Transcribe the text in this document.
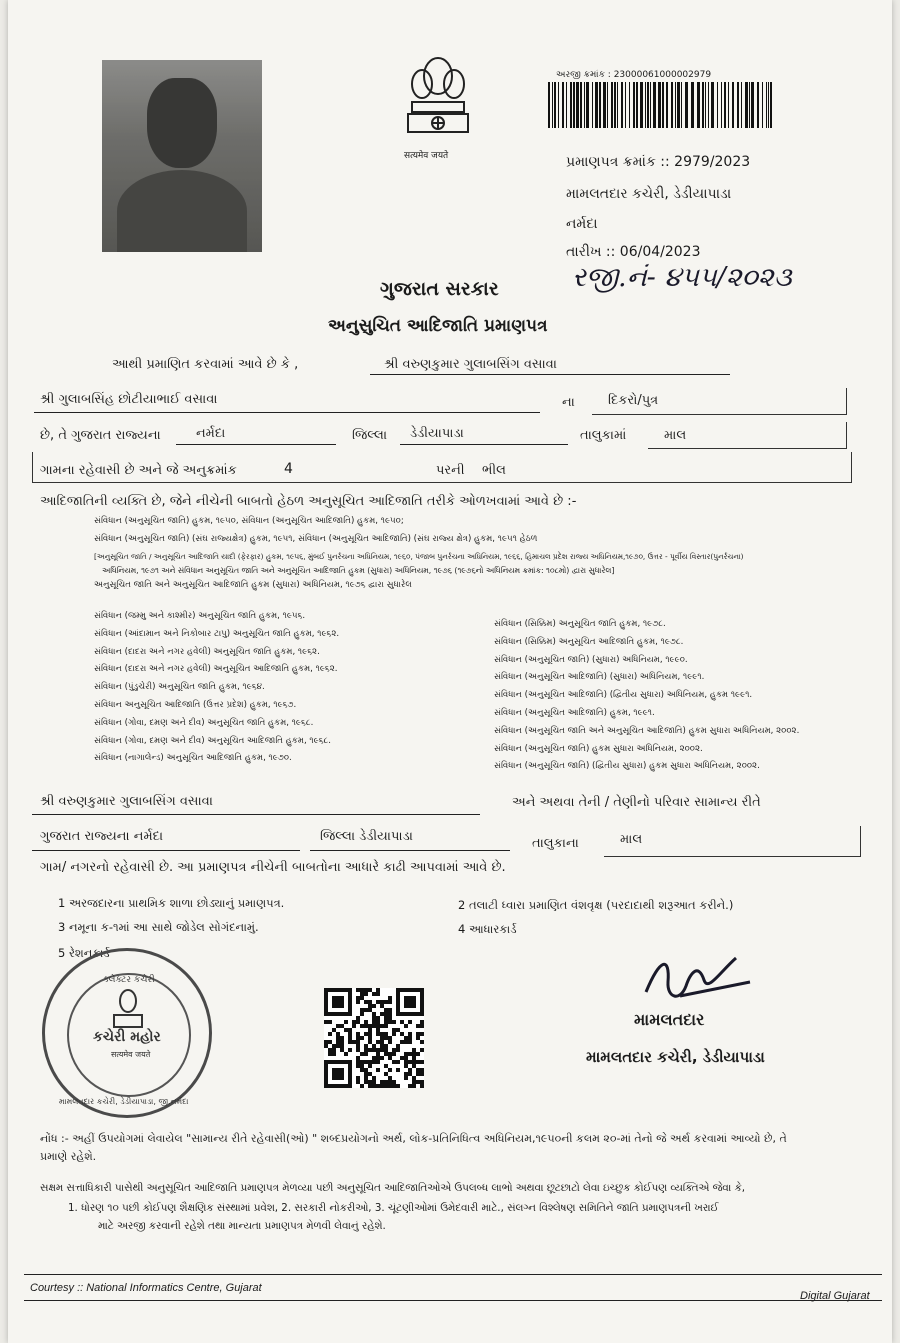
सत्यमेव जयते
અરજી ક્રમાંક : 23000061000002979
પ્રમાણપત્ર ક્રમાંક :: 2979/2023
મામલતદાર કચેરી, ડેડીયાપાડા
નર્મદા
તારીખ :: 06/04/2023
રજી.નં- ૪૫૫/૨૦૨૩
ગુજરાત સરકાર
અનુસુચિત આદિજાતિ પ્રમાણપત્ર
આથી પ્રમાણિત કરવામાં આવે છે કે ,	શ્રી વરુણકુમાર ગુલાબસિંગ વસાવા
શ્રી ગુલાબસિંહ છોટીયાભાઈ વસાવા	ના	દિકરો/પુત્ર
છે, તે ગુજરાત રાજ્યના	નર્મદા	જિલ્લા ડેડીયાપાડા	તાલુકામાં	માલ
ગામના રહેવાસી છે અને જે અનુક્રમાંક	4	પરની ભીલ
આદિજાતિની વ્યક્તિ છે, જેને નીચેની બાબતો હેઠળ અનુસૂચિત આદિજાતિ તરીકે ઓળખવામાં આવે છે :-
સંવિધાન (અનુસૂચિત જાતિ) હુકમ, ૧૯૫૦, સંવિધાન (અનુસૂચિત આદિજાતિ) હુકમ, ૧૯૫૦;
સંવિધાન (અનુસૂચિત જાતિ) (સંઘ રાજ્યક્ષેત્ર) હુકમ, ૧૯૫૧, સંવિધાન (અનુસૂચિત આદિજાતિ) (સંઘ રાજ્ય ક્ષેત્ર) હુકમ, ૧૯૫૧ હેઠળ
[અનુસૂચિત જાતિ / અનુસૂચિત આદિજાતિ યાદી (ફેરફાર) હુકમ, ૧૯૫૬, મુંબઈ પુનર્રચના અધિનિયમ, ૧૯૬૦, પંજાબ પુનર્રચના અધિનિયમ, ૧૯૬૬, હિમાચલ પ્રદેશ રાજ્ય અધિનિયમ,૧૯૭૦, ઉત્તર - પૂર્વીય વિસ્તાર(પુનર્રચના)
અધિનિયમ, ૧૯૭૧ અને સંવિધાન અનુસૂચિત જાતિ અને અનુસૂચિત આદિજાતિ હુકમ (સુધારા) અધિનિયમ, ૧૯૭૬ (૧૯૭૬નો અધિનિયમ ક્રમાંક: ૧૦૮મો) દ્વારા સુધારેલ]
અનુસૂચિત જાતિ અને અનુસૂચિત આદિજાતિ હુકમ (સુધારા) અધિનિયમ, ૧૯૭૬ દ્વારા સુધારેલ
સંવિધાન (જમ્મુ અને કાશ્મીર) અનુસૂચિત જાતિ હુકમ, ૧૯૫૬.
સંવિધાન (આંદામાન અને નિકોબાર ટાપુ) અનુસૂચિત જાતિ હુકમ, ૧૯૬૨.
સંવિધાન (દાદરા અને નગર હવેલી) અનુસૂચિત જાતિ હુકમ, ૧૯૬૨.
સંવિધાન (દાદરા અને નગર હવેલી) અનુસૂચિત આદિજાતિ હુકમ, ૧૯૬૨.
સંવિધાન (પુંડુચેરી) અનુસૂચિત જાતિ હુકમ, ૧૯૬૪.
સંવિધાન અનુસૂચિત આદિજાતિ (ઉત્તર પ્રદેશ) હુકમ, ૧૯૬૭.
સંવિધાન (ગોવા, દમણ અને દીવ) અનુસૂચિત જાતિ હુકમ, ૧૯૬૮.
સંવિધાન (ગોવા, દમણ અને દીવ) અનુસૂચિત આદિજાતિ હુકમ, ૧૯૬૮.
સંવિધાન (નાગાલેન્ડ) અનુસૂચિત આદિજાતિ હુકમ, ૧૯૭૦.
સંવિધાન (સિક્કિમ) અનુસૂચિત જાતિ હુકમ, ૧૯૭૮.
સંવિધાન (સિક્કિમ) અનુસૂચિત આદિજાતિ હુકમ, ૧૯૭૮.
સંવિધાન (અનુસૂચિત જાતિ) (સુધારા) અધિનિયમ, ૧૯૯૦.
સંવિધાન (અનુસૂચિત આદિજાતિ) (સુધારા) અધિનિયમ, ૧૯૯૧.
સંવિધાન (અનુસૂચિત આદિજાતિ) (દ્વિતીય સુધારા) અધિનિયમ, હુકમ ૧૯૯૧.
સંવિધાન (અનુસૂચિત આદિજાતિ) હુકમ, ૧૯૯૧.
સંવિધાન (અનુસૂચિત જાતિ અને અનુસૂચિત આદિજાતિ) હુકમ સુધારા અધિનિયમ, ૨૦૦૨.
સંવિધાન (અનુસૂચિત જાતિ) હુકમ સુધારા અધિનિયમ, ૨૦૦૨.
સંવિધાન (અનુસૂચિત જાતિ) (દ્વિતીય સુધારા) હુકમ સુધારા અધિનિયમ, ૨૦૦૨.
શ્રી વરુણકુમાર ગુલાબસિંગ વસાવા	અને અથવા તેની / તેણીનો પરિવાર સામાન્ય રીતે
ગુજરાત રાજ્યના નર્મદા	જિલ્લા ડેડીયાપાડા	તાલુકાના	માલ
ગામ/ નગરનો રહેવાસી છે. આ પ્રમાણપત્ર નીચેની બાબતોના આધારે કાઢી આપવામાં આવે છે.
1 અરજદારના પ્રાથમિક શાળા છોડ્યાનું પ્રમાણપત્ર.	2 તલાટી ધ્વારા પ્રમાણિત વંશવૃક્ષ (પરદાદાથી શરૂઆત કરીને.)
3 નમૂના ક-૧માં આ સાથે જોડેલ સોગંદનામું.	4 આધારકાર્ડ
5 રેશનકાર્ડ
ક્લેક્ટર કચેરી
કચેરી મહોર
सत्यमेव जयते
મામલતદાર કચેરી, ડેડીયાપાડા, જી.નર્મદા
મામલતદાર
મામલતદાર કચેરી, ડેડીયાપાડા
નોંધ :- અહીં ઉપયોગમાં લેવાયેલ "સામાન્ય રીતે રહેવાસી(ઓ) " શબ્દપ્રયોગનો અર્થ, લોક-પ્રતિનિધિત્વ અધિનિયમ,૧૯૫૦ની કલમ ૨૦-માં તેનો જે અર્થ કરવામાં આવ્યો છે, તે
પ્રમાણે રહેશે.
સક્ષમ સત્તાધિકારી પાસેથી અનુસૂચિત આદિજાતિ પ્રમાણપત્ર મેળવ્યા પછી અનુસૂચિત આદિજાતિઓએ ઉપલબ્ધ લાભો અથવા છૂટછાટો લેવા ઇચ્છુક કોઈપણ વ્યક્તિએ જેવા કે,
1. ધોરણ ૧૦ પછી કોઈપણ શૈક્ષણિક સંસ્થામાં પ્રવેશ, 2. સરકારી નોકરીઓ, 3. ચૂંટણીઓમાં ઉમેદવારી માટે., સંલગ્ન વિશ્લેષણ સમિતિને જાતિ પ્રમાણપત્રની ખરાઈ
માટે અરજી કરવાની રહેશે તથા માન્યતા પ્રમાણપત્ર મેળવી લેવાનું રહેશે.
Courtesy :: National Informatics Centre, Gujarat
Digital Gujarat
